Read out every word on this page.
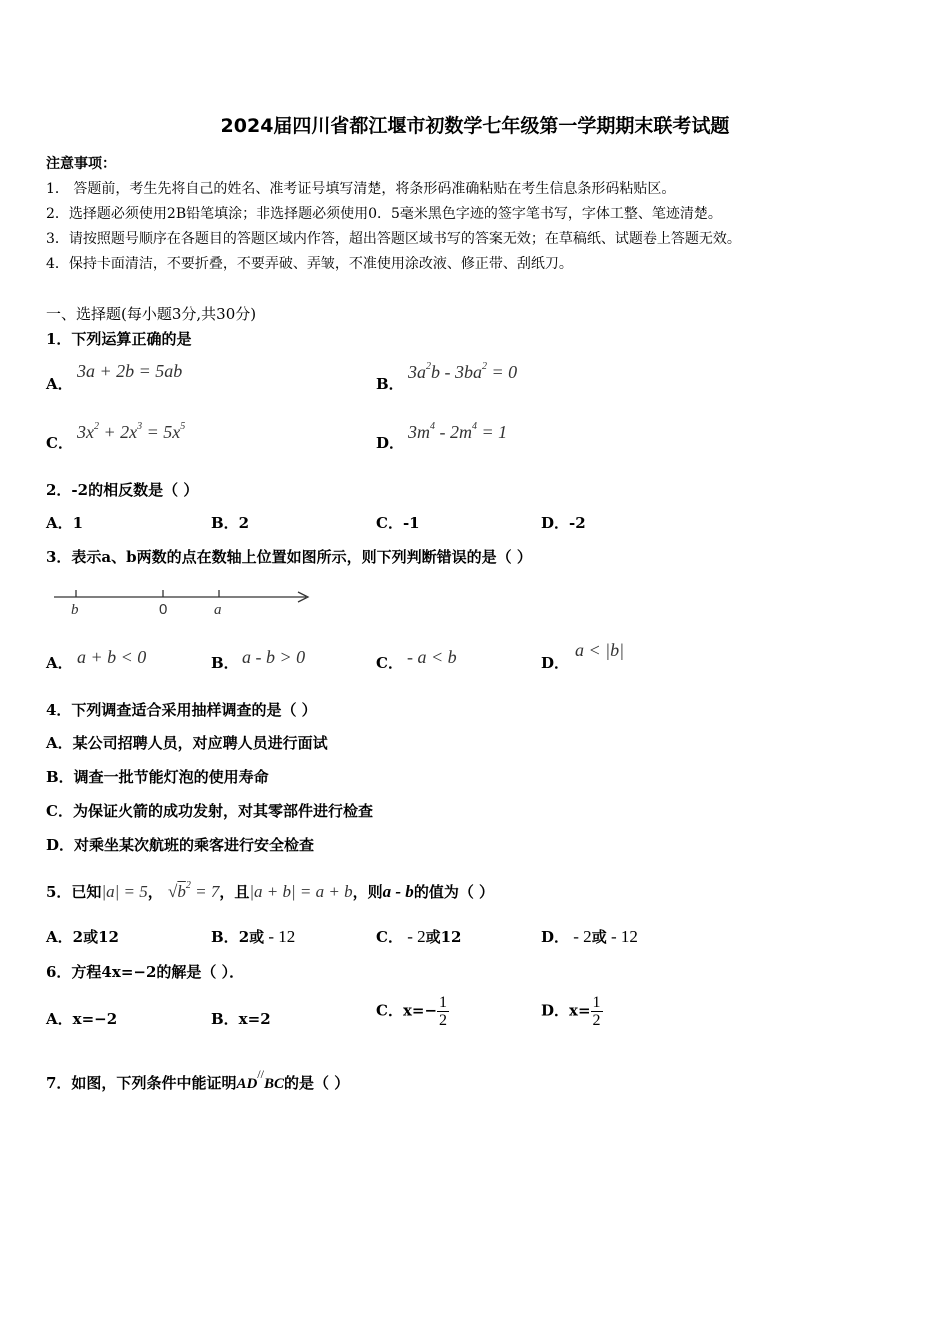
2024届四川省都江堰市初数学七年级第一学期期末联考试题
注意事项：
1． 答题前，考生先将自己的姓名、准考证号填写清楚，将条形码准确粘贴在考生信息条形码粘贴区。
2．选择题必须使用2B铅笔填涂；非选择题必须使用0．5毫米黑色字迹的签字笔书写，字体工整、笔迹清楚。
3．请按照题号顺序在各题目的答题区域内作答，超出答题区域书写的答案无效；在草稿纸、试题卷上答题无效。
4．保持卡面清洁，不要折叠，不要弄破、弄皱，不准使用涂改液、修正带、刮纸刀。
一、选择题(每小题3分,共30分)
1．下列运算正确的是
A．
3a + 2b = 5ab
B．
$3a^2b - 3ba^2 = 0$
C．
$3x^2 + 2x^3 = 5x^5$
D．
$3m^4 - 2m^4 = 1$
2．-2的相反数是（ ）
A．1	B．2	C．-1	D．-2
3．表示a、b两数的点在数轴上位置如图所示，则下列判断错误的是（ ）
b	0	a
A． a + b < 0	B． a - b > 0	C． - a < b	D．
a < |b|
4．下列调查适合采用抽样调查的是（ ）
A．某公司招聘人员，对应聘人员进行面试
B．调查一批节能灯泡的使用寿命
C．为保证火箭的成功发射，对其零部件进行检查
D．对乘坐某次航班的乘客进行安全检查
5．已知|a| = 5， $√b^2 = 7$，且|a + b| = a + b，则a - b的值为（ ）
A．2或12	B．2或 - 12	C． - 2或12	D． - 2或 - 12
6．方程4x=−2的解是（ ）．
A．x=−2	B．x=2	C．$x=- \frac{1}{2}$	D．$x= \frac{1}{2}$
7．如图，下列条件中能证明AD//BC的是（ ）
